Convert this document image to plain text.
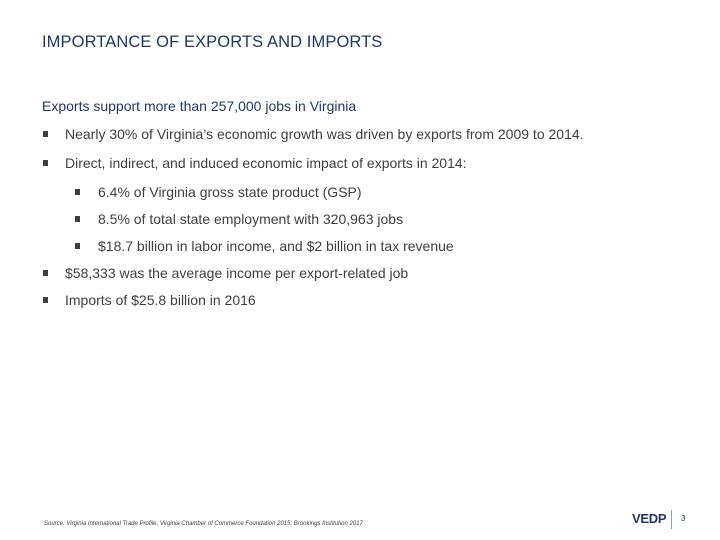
IMPORTANCE OF EXPORTS AND IMPORTS
Exports support more than 257,000 jobs in Virginia
Nearly 30% of Virginia’s economic growth was driven by exports from 2009 to 2014.
Direct, indirect, and induced economic impact of exports in 2014:
6.4% of Virginia gross state product (GSP)
8.5% of total state employment with 320,963 jobs
$18.7 billion in labor income, and $2 billion in tax revenue
$58,333 was the average income per export-related job
Imports of $25.8 billion in 2016
Source: Virginia International Trade Profile, Virginia Chamber of Commerce Foundation 2015; Brookings Institution 2017	VEDP 3
